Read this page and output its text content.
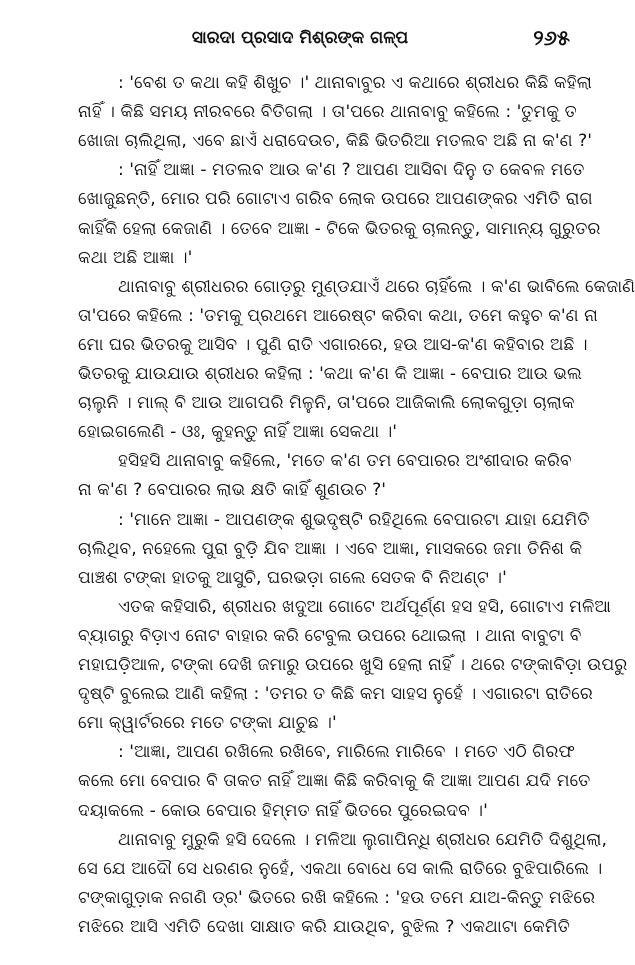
ସାରଦା ପ୍ରସାଦ ମିଶ୍ରଙ୍କ ଗଳ୍ପ	୨୬୫
: 'ବେଶ ତ କଥା କହି ଶିଖୁଚ ।' ଥାନାବାବୁର ଏ କଥାରେ ଶ୍ରୀଧର କିଛି କହିଲା
ନାହିଁ । କିଛି ସମୟ ନୀରବରେ ବିତିଗଲା । ତା'ପରେ ଥାନାବାବୁ କହିଲେ : 'ତୁମକୁ ତ
ଖୋଜା ଚାଲିଥିଲା, ଏବେ ଛାଏଁ ଧରାଦେଉଚ, କିଛି ଭିତରିଆ ମତଲବ ଅଛି ନା କ'ଣ ?'
: 'ନାହିଁ ଆଜ୍ଞା - ମତଲବ ଆଉ କ'ଣ ? ଆପଣ ଆସିବା ଦିନୁ ତ କେବଳ ମତେ
ଖୋଜୁଛନ୍ତି, ମୋର ପରି ଗୋଟାଏ ଗରିବ ଲୋକ ଉପରେ ଆପଣଙ୍କର ଏମିତି ରାଗ
କାହିଁକି ହେଲା କେଜାଣି । ତେବେ ଆଜ୍ଞା - ଟିକେ ଭିତରକୁ ଚାଲନ୍ତୁ, ସାମାନ୍ୟ ଗୁରୁତର
କଥା ଅଛି ଆଜ୍ଞା ।'
ଥାନାବାବୁ ଶ୍ରୀଧରର ଗୋଡ଼ରୁ ମୁଣ୍ଡଯାଏଁ ଥରେ ଚାହିଁଲେ । କ'ଣ ଭାବିଲେ କେଜାଣି
ତା'ପରେ କହିଲେ : 'ତମକୁ ପ୍ରଥମେ ଆରେଷ୍ଟ କରିବା କଥା, ତମେ କହୁଚ କ'ଣ ନା
ମୋ ଘର ଭିତରକୁ ଆସିବ । ପୁଣି ରାତି ଏଗାରରେ, ହଉ ଆସ-କ'ଣ କହିବାର ଅଛି ।
ଭିତରକୁ ଯାଉଯାଉ ଶ୍ରୀଧର କହିଲା : 'କଥା କ'ଣ କି ଆଜ୍ଞା - ବେପାର ଆଉ ଭଲ
ଚାଲୁନି । ମାଲ୍ ବି ଆଉ ଆଗପରି ମିଳୁନି, ତା'ପରେ ଆଜିକାଲି ଲୋକଗୁଡ଼ା ଚାଲାକ
ହୋଇଗଲେଣି - ଓଃ, କୁହନ୍ତୁ ନାହିଁ ଆଜ୍ଞା ସେକଥା ।'
ହସିହସି ଥାନାବାବୁ କହିଲେ, 'ମତେ କ'ଣ ତମ ବେପାରର ଅଂଶୀଦାର କରିବ
ନା କ'ଣ ? ବେପାରର ଲାଭ କ୍ଷତି କାହିଁ ଶୁଣଉଚ ?'
: 'ମାନେ ଆଜ୍ଞା - ଆପଣଙ୍କ ଶୁଭଦୃଷ୍ଟି ରହିଥିଲେ ବେପାରଟା ଯାହା ଯେମିତି
ଚାଲିଥିବ, ନହେଲେ ପୁରା ବୁଡ଼ି ଯିବ ଆଜ୍ଞା । ଏବେ ଆଜ୍ଞା, ମାସକରେ ଜମା ତିନିଶ କି
ପାଞ୍ଚଶ ଟଙ୍କା ହାତକୁ ଆସୁଚି, ଘରଭଡ଼ା ଗଲେ ସେତକ ବି ନିଅଣ୍ଟ ।'
ଏତକ କହିସାରି, ଶ୍ରୀଧର ଖଦୁଆ ଗୋଟେ ଅର୍ଥପୂର୍ଣ୍ଣ ହସ ହସି, ଗୋଟାଏ ମଳିଆ
ବ୍ୟାଗରୁ ବିଡ଼ାଏ ନୋଟ ବାହାର କରି ଟେବୁଲ ଉପରେ ଥୋଇଲା । ଥାନା ବାବୁଟା ବି
ମହାଘଡ଼ିଆଳ, ଟଙ୍କା ଦେଖି ଜମାରୁ ଉପରେ ଖୁସି ହେଲା ନାହିଁ । ଥରେ ଟଙ୍କାବିଡ଼ା ଉପରୁ
ଦୃଷ୍ଟି ବୁଲେଇ ଆଣି କହିଲା : 'ତମର ତ କିଛି କମ ସାହସ ନୁହେଁ । ଏଗାରଟା ରାତିରେ
ମୋ କ୍ୱାର୍ଟରରେ ମତେ ଟଙ୍କା ଯାଚୁଛ ।'
: 'ଆଜ୍ଞା, ଆପଣ ରଖିଲେ ରଖିବେ, ମାରିଲେ ମାରିବେ । ମତେ ଏଠି ଗିରଫ
କଲେ ମୋ ବେପାର ବି ତାକତ ନାହିଁ ଆଜ୍ଞା କିଛି କରିବାକୁ କି ଆଜ୍ଞା ଆପଣ ଯଦି ମତେ
ଦୟାକଲେ - କୋଉ ବେପାର ହିମ୍ମତ ନାହିଁ ଭିତରେ ପୁରେଇଦବ ।'
ଥାନାବାବୁ ମୁରୁକି ହସି ଦେଲେ । ମଳିଆ ଲୁଗାପିନ୍ଧି ଶ୍ରୀଧର ଯେମିତି ଦିଶୁଥିଲା,
ସେ ଯେ ଆଦୌ ସେ ଧରଣର ନୁହେଁ, ଏକଥା ବୋଧେ ସେ କାଲି ରାତିରେ ବୁଝିପାରିଲେ ।
ଟଙ୍କାଗୁଡ଼ାକ ନଗଣି ଡ୍ର' ଭିତରେ ରଖି କହିଲେ : 'ହଉ ତମେ ଯାଅ-କିନ୍ତୁ ମଝିରେ
ମଝିରେ ଆସି ଏମିତି ଦେଖା ସାକ୍ଷାତ କରି ଯାଉଥିବ, ବୁଝିଲ ? ଏକଥାଟା କେମିତି
